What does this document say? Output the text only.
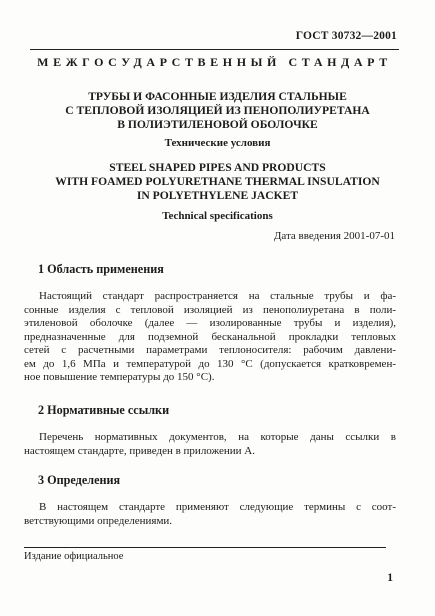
ГОСТ 30732—2001
МЕЖГОСУДАРСТВЕННЫЙ СТАНДАРТ
ТРУБЫ И ФАСОННЫЕ ИЗДЕЛИЯ СТАЛЬНЫЕ
С ТЕПЛОВОЙ ИЗОЛЯЦИЕЙ ИЗ ПЕНОПОЛИУРЕТАНА
В ПОЛИЭТИЛЕНОВОЙ ОБОЛОЧКЕ
Технические условия
STEEL SHAPED PIPES AND PRODUCTS
WITH FOAMED POLYURETHANE THERMAL INSULATION
IN POLYETHYLENE JACKET
Technical specifications
Дата введения 2001-07-01
1 Область применения
Настоящий стандарт распространяется на стальные трубы и фа-
сонные изделия с тепловой изоляцией из пенополиуретана в поли-
этиленовой оболочке (далее — изолированные трубы и изделия),
предназначенные для подземной бесканальной прокладки тепловых
сетей с расчетными параметрами теплоносителя: рабочим давлени-
ем до 1,6 МПа и температурой до 130 °С (допускается кратковремен-
ное повышение температуры до 150 °С).
2 Нормативные ссылки
Перечень нормативных документов, на которые даны ссылки в
настоящем стандарте, приведен в приложении А.
3 Определения
В настоящем стандарте применяют следующие термины с соот-
ветствующими определениями.
Издание официальное
1
